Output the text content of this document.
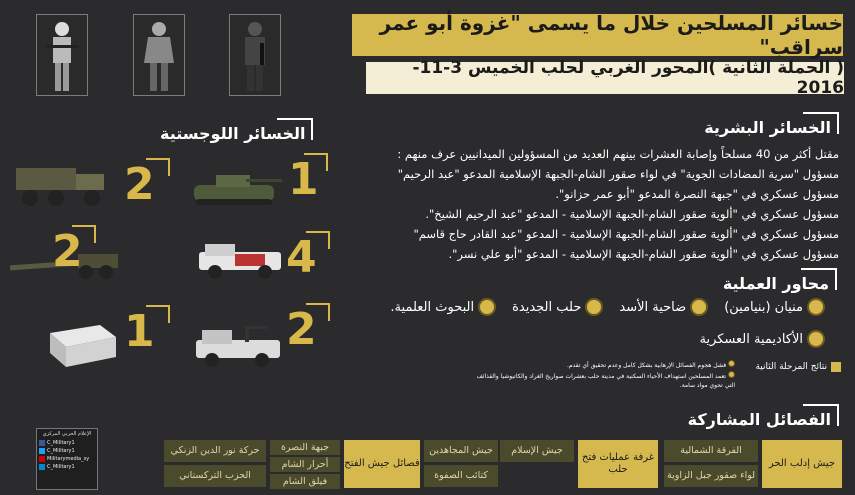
خسائر المسلحين خلال ما يسمى "غزوة أبو عمر سراقب"
( الحملة الثانية )المحور الغربي لحلب الخميس 3-11-2016
الخسائر البشرية
مقتل أكثر من 40 مسلحاً وإصابة العشرات بينهم العديد من المسؤولين الميدانيين عرف منهم :
مسؤول "سرية المضادات الجوية" في لواء صقور الشام-الجبهة الإسلامية المدعو "عبد الرحيم"
مسؤول عسكري في "جبهة النصرة المدعو "أبو عمر حزانو".
مسؤول عسكري في "ألوية صقور الشام-الجبهة الإسلامية - المدعو "عبد الرحيم الشيخ".
مسؤول عسكري في "ألوية صقور الشام-الجبهة الإسلامية - المدعو "عبد القادر حاج قاسم"
مسؤول عسكري في "ألوية صقور الشام-الجبهة الإسلامية - المدعو "أبو علي نسر".
الخسائر اللوجستية
2	1
2	4
1	2
محاور العملية
منيان (بنيامين)
ضاحية الأسد
حلب الجديدة
البحوث العلمية.
الأكاديمية العسكرية
نتائج المرحلة الثانية
فشل هجوم الفصائل الإرهابية بشكل كامل وعدم تحقيق أي تقدم.
تعمد المسلحين استهداف الأحياء السكنية في مدينة حلب بعشرات صواريخ الغراد والكاتيوشيا والقذائف
التي تحوي مواد سامة.
الفصائل المشاركة
جيش إدلب الحر
الفرقة الشمالية
لواء صقور جبل الزاوية
غرفة عمليات فتح حلب
جيش الإسلام
جيش المجاهدين
كتائب الصفوة
فصائل جيش الفتح
جبهة النصرة
أحرار الشام
فيلق الشام
حركة نور الدين الزنكي
الحزب التركستاني
الإعلام الحربي المركزي
C_Military1
C_Military1
Militarymedia_sy
C_Military1
